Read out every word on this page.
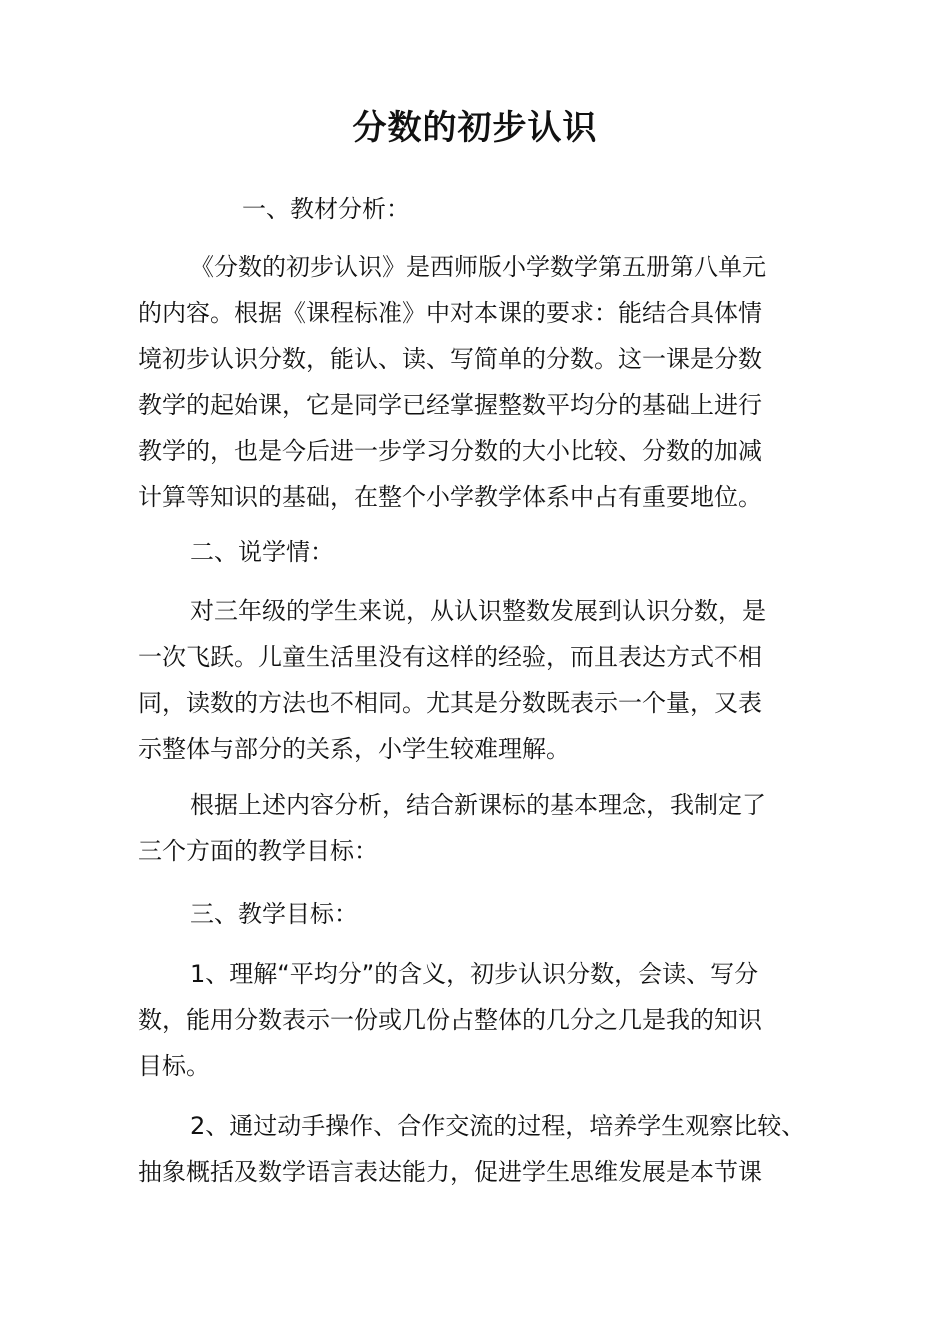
分数的初步认识
一、教材分析：
《分数的初步认识》是西师版小学数学第五册第八单元
的内容。根据《课程标准》中对本课的要求：能结合具体情
境初步认识分数，能认、读、写简单的分数。这一课是分数
教学的起始课，它是同学已经掌握整数平均分的基础上进行
教学的，也是今后进一步学习分数的大小比较、分数的加减
计算等知识的基础，在整个小学教学体系中占有重要地位。
二、说学情：
对三年级的学生来说，从认识整数发展到认识分数，是
一次飞跃。儿童生活里没有这样的经验，而且表达方式不相
同，读数的方法也不相同。尤其是分数既表示一个量，又表
示整体与部分的关系，小学生较难理解。
根据上述内容分析，结合新课标的基本理念，我制定了
三个方面的教学目标：
三、教学目标：
1、理解“平均分”的含义，初步认识分数，会读、写分
数，能用分数表示一份或几份占整体的几分之几是我的知识
目标。
2、通过动手操作、合作交流的过程，培养学生观察比较、
抽象概括及数学语言表达能力，促进学生思维发展是本节课
